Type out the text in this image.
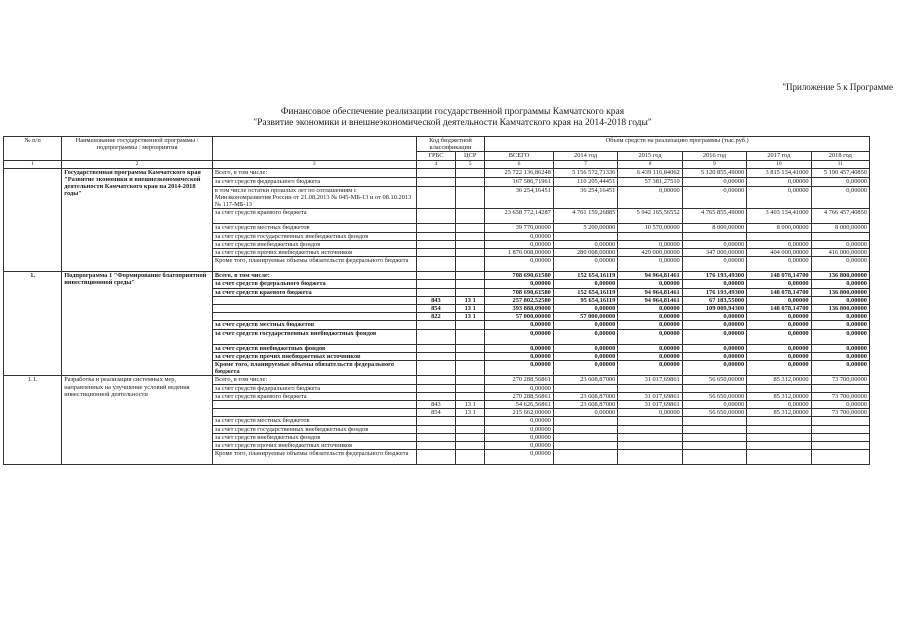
"Приложение 5 к Программе
Финансовое обеспечение реализации государственной программы Камчатского края
"Развитие экономики и внешнеэкономической деятельности Камчатского края на 2014-2018 годы"
№ п/п	Наименование государственной программы / подпрограммы / мероприятия		Код бюджетной классификации		Объем средств на реализацию программы (тыс.руб.)					
			ГРБС	ЦСР	ВСЕГО	2014 год	2015 год	2016 год	2017 год	2018 год
1	2	3	4	5	6	7	8	9	10	11
	Государственная программа Камчатского края "Развитие экономики и внешнеэкономической деятельности Камчатского края на 2014-2018 годы"	Всего, в том числе:			25 722 136,86248	5 156 572,71336	6 439 116,84062	5 120 855,49000	3 815 134,41000	5 190 457,40850
		за счет средств федерального бюджета			167 586,71961	110 205,44451	57 381,27510	0,00000	0,00000	0,00000
		в том числе остатки прошлых лет по соглашениям с Минэкономразвития России от 21.08.2013 № 045-МБ-13 и от 08.10.2013 № 117-МБ-13			36 254,16451	36 254,16451	0,00000	0,00000	0,00000	0,00000
		за счет средств краевого бюджета			23 638 772,14287	4 761 159,26885	5 942 165,56552	4 765 855,49000	3 403 134,41000	4 766 457,40850
		за счет средств местных бюджетов			39 770,00000	5 200,00000	10 570,00000	8 000,00000	8 000,00000	8 000,00000
		за счет средств государственных внебюджетных фондов			0,00000					
		за счет средств внебюджетных фондов			0,00000	0,00000	0,00000	0,00000	0,00000	0,00000
		за счет средств прочих внебюджетных источников			1 876 008,00000	280 008,00000	429 000,00000	347 000,00000	404 000,00000	416 000,00000
		Кроме того, планируемые объемы обязательств федерального бюджета			0,00000	0,00000	0,00000	0,00000	0,00000	0,00000
1.	Подпрограмма 1 "Формирование благоприятной инвестиционной среды"	Всего, в том числе:			708 690,61580	152 654,16119	94 964,81461	176 193,49300	148 078,14700	136 800,00000
		за счет средств федерального бюджета			0,00000	0,00000	0,00000	0,00000	0,00000	0,00000
		за счет средств краевого бюджета			708 690,61580	152 654,16119	94 964,81461	176 193,49300	148 078,14700	136 800,00000
			843	13 1	257 802,52580	95 654,16119	94 964,81461	67 183,55000	0,00000	0,00000
			854	13 1	393 888,09000	0,00000	0,00000	109 009,94300	148 078,14700	136 800,00000
			822	13 1	57 000,00000	57 000,00000	0,00000	0,00000	0,00000	0,00000
		за счет средств местных бюджетов			0,00000	0,00000	0,00000	0,00000	0,00000	0,00000
		за счет средств государственных внебюджетных фондов			0,00000	0,00000	0,00000	0,00000	0,00000	0,00000
		за счет средств внебюджетных фондов			0,00000	0,00000	0,00000	0,00000	0,00000	0,00000
		за счет средств прочих внебюджетных источников			0,00000	0,00000	0,00000	0,00000	0,00000	0,00000
		Кроме того, планируемые объемы обязательств федерального бюджета			0,00000	0,00000	0,00000	0,00000	0,00000	0,00000
1.1.	Разработка и реализация системных мер, направленных на улучшение условий ведения инвестиционной деятельности	Всего, в том числе:			270 288,56861	23 608,87000	31 017,69861	56 650,00000	85 312,00000	73 700,00000
		за счет средств федерального бюджета			0,00000					
		за счет средств краевого бюджета			270 288,56861	23 608,87000	31 017,69861	56 650,00000	85 312,00000	73 700,00000
			843	13 1	54 626,56861	23 608,87000	31 017,69861	0,00000	0,00000	0,00000
			854	13 1	215 662,00000	0,00000	0,00000	56 650,00000	85 312,00000	73 700,00000
		за счет средств местных бюджетов			0,00000					
		за счет средств государственных внебюджетных фондов			0,00000					
		за счет средств внебюджетных фондов			0,00000					
		за счет средств прочих внебюджетных источников			0,00000					
		Кроме того, планируемые объемы обязательств федерального бюджета			0,00000					
